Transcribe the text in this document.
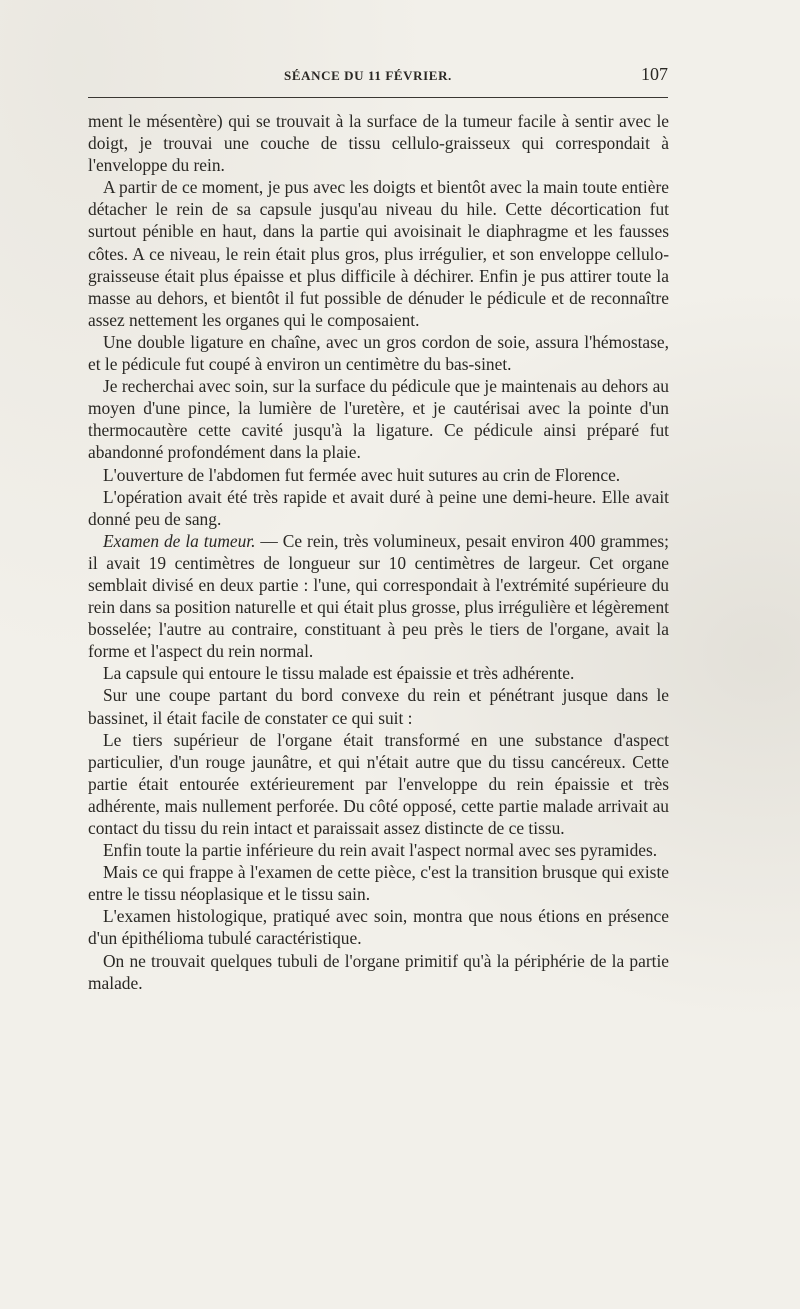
SÉANCE DU 11 FÉVRIER.	107

ment le mésentère) qui se trouvait à la surface de la tumeur facile à sentir avec le doigt, je trouvai une couche de tissu cellulo-graisseux qui correspondait à l'enveloppe du rein.

A partir de ce moment, je pus avec les doigts et bientôt avec la main toute entière détacher le rein de sa capsule jusqu'au niveau du hile. Cette décortication fut surtout pénible en haut, dans la partie qui avoisinait le diaphragme et les fausses côtes. A ce niveau, le rein était plus gros, plus irrégulier, et son enveloppe cellulo-graisseuse était plus épaisse et plus difficile à déchirer. Enfin je pus attirer toute la masse au dehors, et bientôt il fut possible de dénuder le pédicule et de reconnaître assez nettement les organes qui le composaient.

Une double ligature en chaîne, avec un gros cordon de soie, assura l'hémostase, et le pédicule fut coupé à environ un centimètre du bas-sinet.

Je recherchai avec soin, sur la surface du pédicule que je maintenais au dehors au moyen d'une pince, la lumière de l'uretère, et je cautérisai avec la pointe d'un thermocautère cette cavité jusqu'à la ligature. Ce pédicule ainsi préparé fut abandonné profondément dans la plaie.

L'ouverture de l'abdomen fut fermée avec huit sutures au crin de Florence.

L'opération avait été très rapide et avait duré à peine une demi-heure. Elle avait donné peu de sang.

Examen de la tumeur. — Ce rein, très volumineux, pesait environ 400 grammes; il avait 19 centimètres de longueur sur 10 centimètres de largeur. Cet organe semblait divisé en deux partie : l'une, qui correspondait à l'extrémité supérieure du rein dans sa position naturelle et qui était plus grosse, plus irrégulière et légèrement bosselée; l'autre au contraire, constituant à peu près le tiers de l'organe, avait la forme et l'aspect du rein normal.

La capsule qui entoure le tissu malade est épaissie et très adhérente.

Sur une coupe partant du bord convexe du rein et pénétrant jusque dans le bassinet, il était facile de constater ce qui suit :

Le tiers supérieur de l'organe était transformé en une substance d'aspect particulier, d'un rouge jaunâtre, et qui n'était autre que du tissu cancéreux. Cette partie était entourée extérieurement par l'enveloppe du rein épaissie et très adhérente, mais nullement perforée. Du côté opposé, cette partie malade arrivait au contact du tissu du rein intact et paraissait assez distincte de ce tissu.

Enfin toute la partie inférieure du rein avait l'aspect normal avec ses pyramides.

Mais ce qui frappe à l'examen de cette pièce, c'est la transition brusque qui existe entre le tissu néoplasique et le tissu sain.

L'examen histologique, pratiqué avec soin, montra que nous étions en présence d'un épithélioma tubulé caractéristique.

On ne trouvait quelques tubuli de l'organe primitif qu'à la périphérie de la partie malade.
